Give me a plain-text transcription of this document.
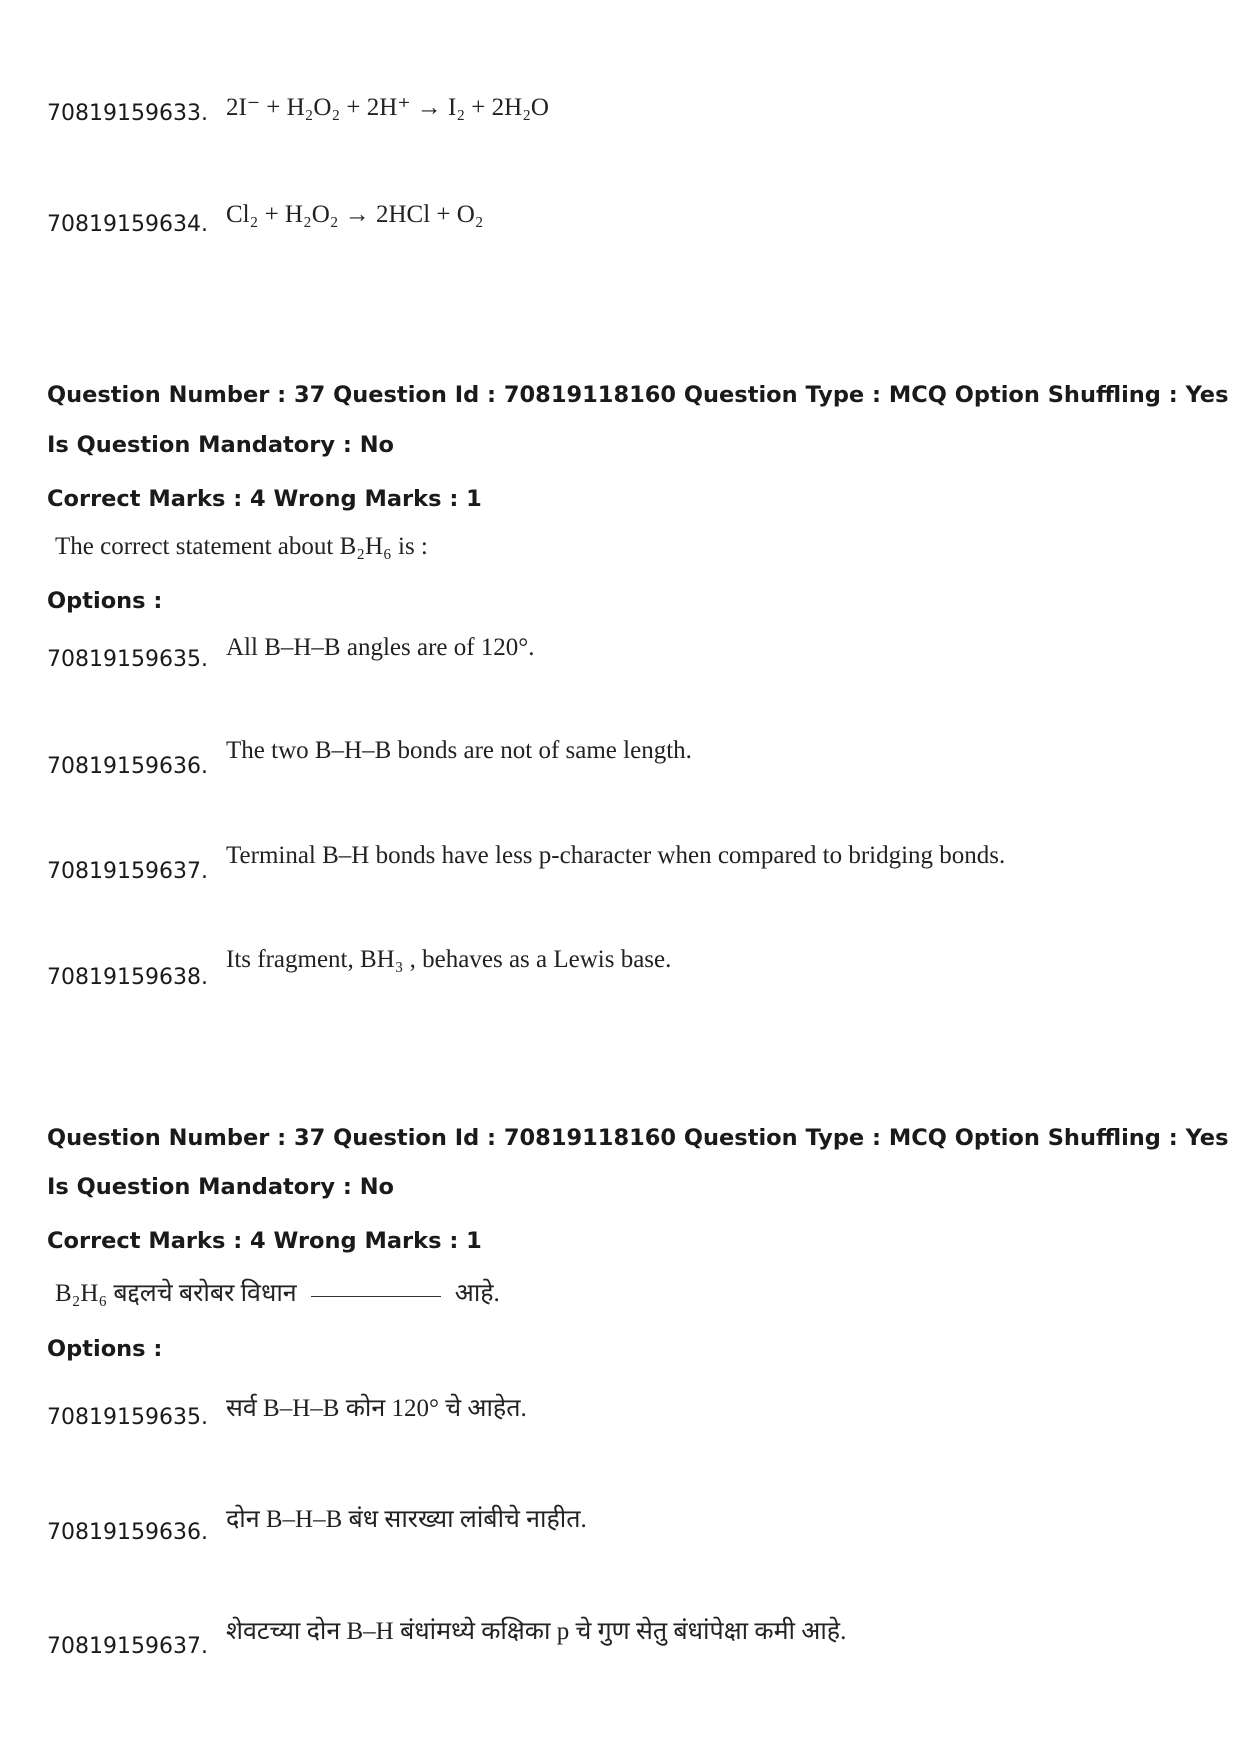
70819159633. 2I⁻ + H₂O₂ + 2H⁺ → I₂ + 2H₂O
70819159634. Cl₂ + H₂O₂ → 2HCl + O₂
Question Number : 37 Question Id : 70819118160 Question Type : MCQ Option Shuffling : Yes
Is Question Mandatory : No
Correct Marks : 4 Wrong Marks : 1
The correct statement about B₂H₆ is :
Options :
70819159635. All B–H–B angles are of 120°.
70819159636.
The two B–H–B bonds are not of same length.
70819159637.
Terminal B–H bonds have less p-character when compared to bridging bonds.
70819159638.
Its fragment, BH₃ , behaves as a Lewis base.
Question Number : 37 Question Id : 70819118160 Question Type : MCQ Option Shuffling : Yes
Is Question Mandatory : No
Correct Marks : 4 Wrong Marks : 1
B₂H₆ बद्दलचे बरोबर विधान	आहे.
Options :
70819159635. सर्व B–H–B कोन 120° चे आहेत.
70819159636. दोन B–H–B बंध सारख्या लांबीचे नाहीत.
70819159637.
शेवटच्या दोन B–H बंधांमध्ये कक्षिका p चे गुण सेतु बंधांपेक्षा कमी आहे.
